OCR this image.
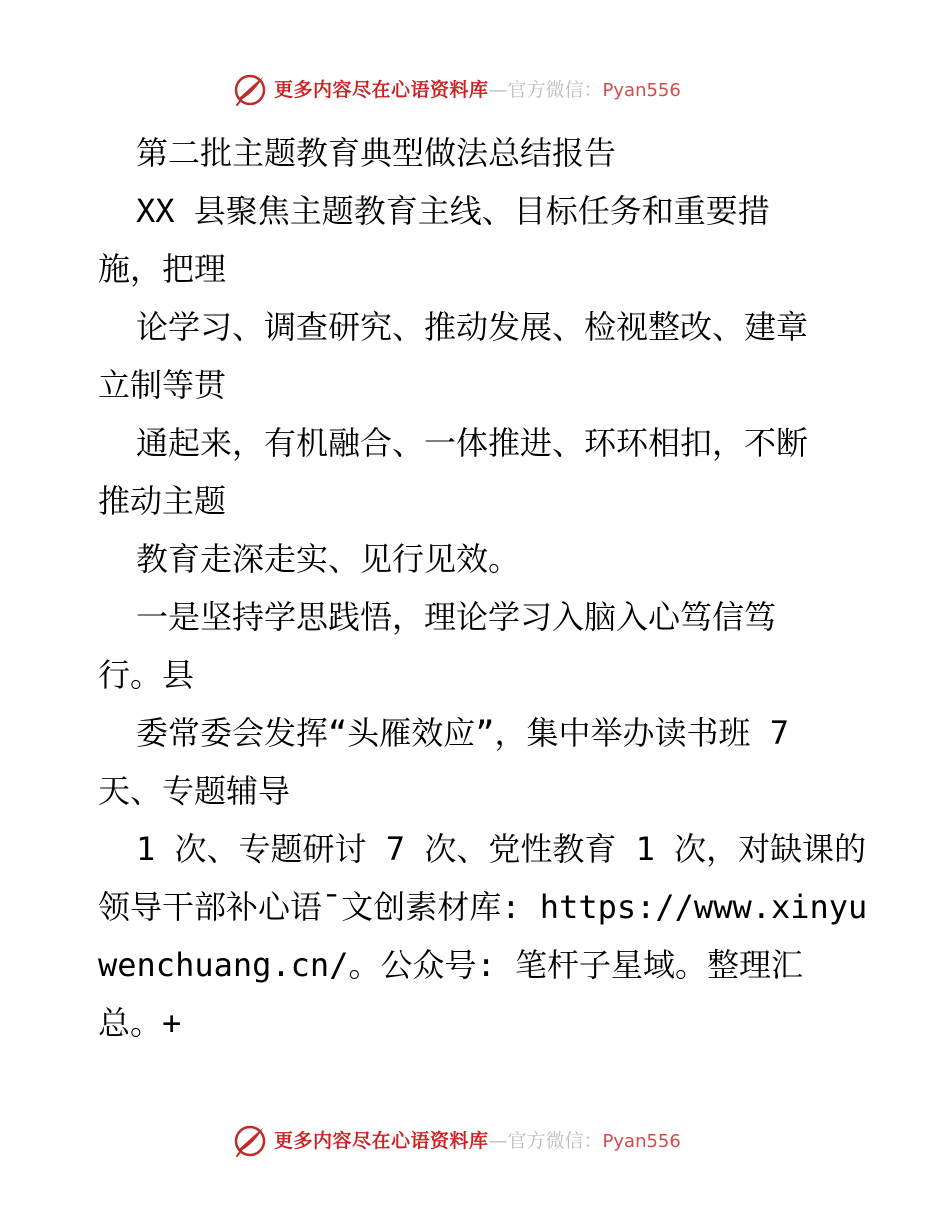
更多内容尽在心语资料库—官方微信：Pyan556
第二批主题教育典型做法总结报告
XX 县聚焦主题教育主线、目标任务和重要措
施，把理
论学习、调查研究、推动发展、检视整改、建章
立制等贯
通起来，有机融合、一体推进、环环相扣，不断
推动主题
教育走深走实、见行见效。
一是坚持学思践悟，理论学习入脑入心笃信笃
行。县
委常委会发挥“头雁效应”，集中举办读书班 7
天、专题辅导
1 次、专题研讨 7 次、党性教育 1 次，对缺课的
领导干部补心语¯文创素材库: https://www.xinyu
wenchuang.cn/。公众号: 笔杆子星域。整理汇
总。+
更多内容尽在心语资料库—官方微信：Pyan556
